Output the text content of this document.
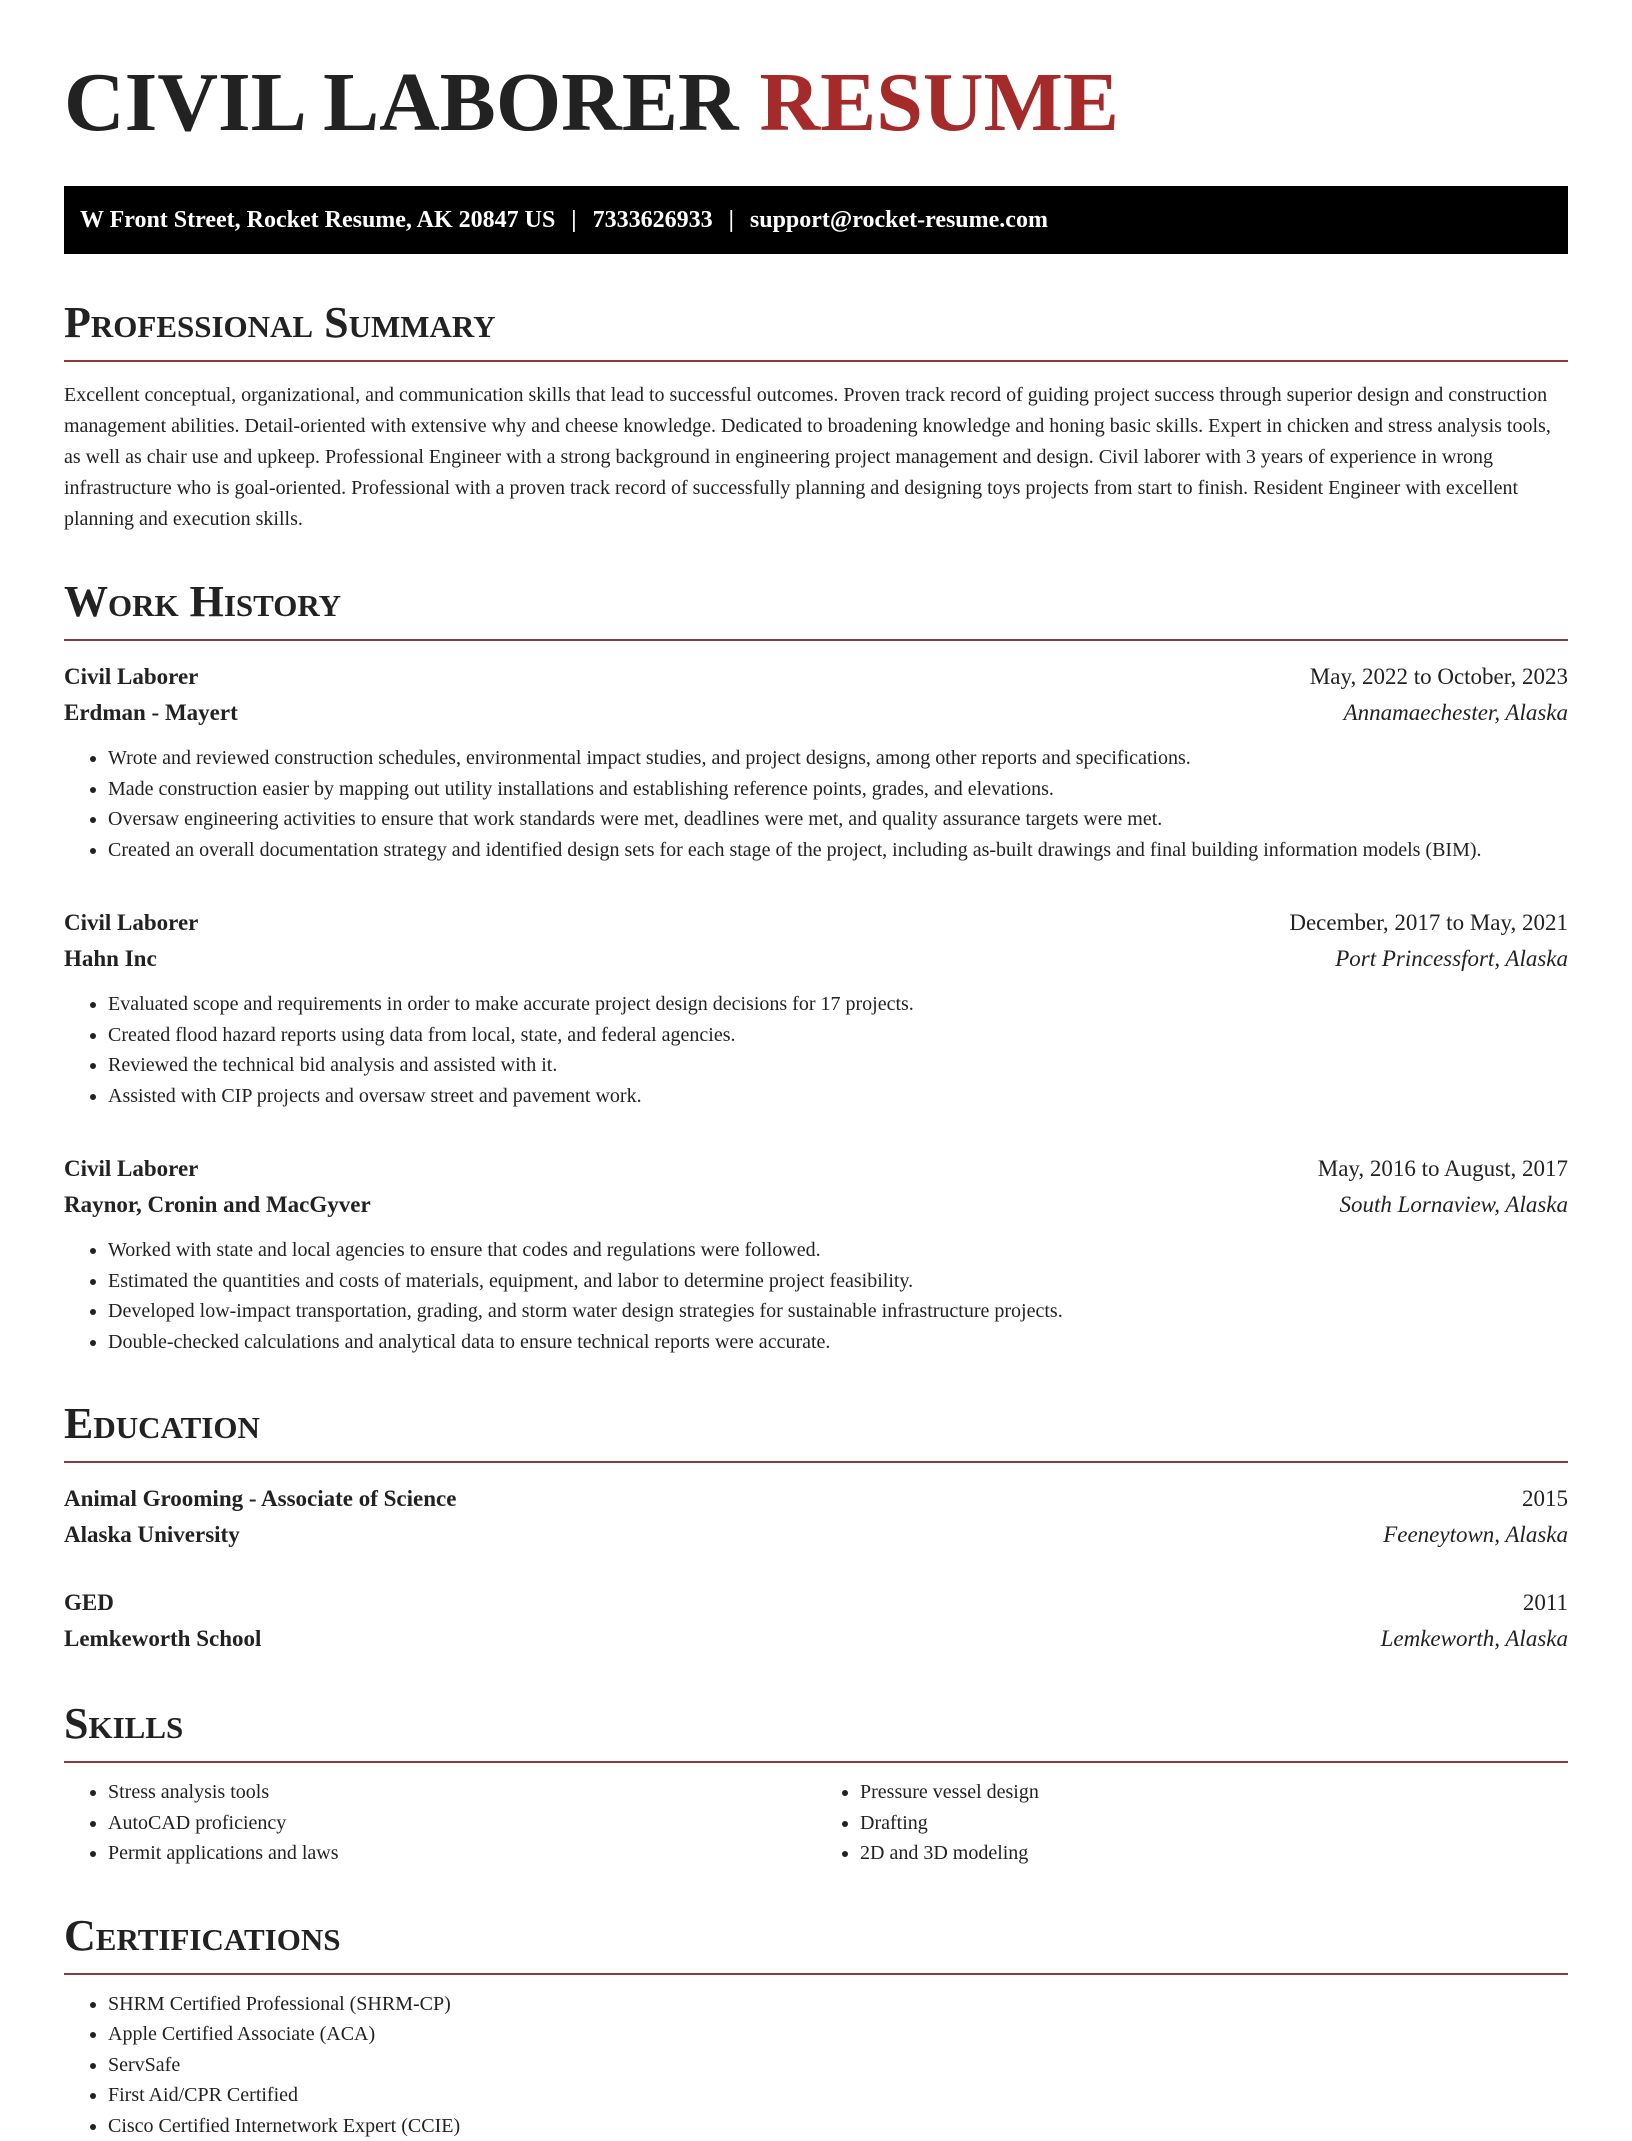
CIVIL LABORER RESUME
W Front Street, Rocket Resume, AK 20847 US | 7333626933 | support@rocket-resume.com
Professional Summary

Excellent conceptual, organizational, and communication skills that lead to successful outcomes. Proven track record of guiding project success through superior design and construction management abilities. Detail-oriented with extensive why and cheese knowledge. Dedicated to broadening knowledge and honing basic skills. Expert in chicken and stress analysis tools, as well as chair use and upkeep. Professional Engineer with a strong background in engineering project management and design. Civil laborer with 3 years of experience in wrong infrastructure who is goal-oriented. Professional with a proven track record of successfully planning and designing toys projects from start to finish. Resident Engineer with excellent planning and execution skills.

Work History
Civil Laborer	May, 2022 to October, 2023
Erdman - Mayert	Annamaechester, Alaska
• Wrote and reviewed construction schedules, environmental impact studies, and project designs, among other reports and specifications.
• Made construction easier by mapping out utility installations and establishing reference points, grades, and elevations.
• Oversaw engineering activities to ensure that work standards were met, deadlines were met, and quality assurance targets were met.
• Created an overall documentation strategy and identified design sets for each stage of the project, including as-built drawings and final building information models (BIM).
Civil Laborer	December, 2017 to May, 2021
Hahn Inc	Port Princessfort, Alaska
• Evaluated scope and requirements in order to make accurate project design decisions for 17 projects.
• Created flood hazard reports using data from local, state, and federal agencies.
• Reviewed the technical bid analysis and assisted with it.
• Assisted with CIP projects and oversaw street and pavement work.
Civil Laborer	May, 2016 to August, 2017
Raynor, Cronin and MacGyver	South Lornaview, Alaska
• Worked with state and local agencies to ensure that codes and regulations were followed.
• Estimated the quantities and costs of materials, equipment, and labor to determine project feasibility.
• Developed low-impact transportation, grading, and storm water design strategies for sustainable infrastructure projects.
• Double-checked calculations and analytical data to ensure technical reports were accurate.
Education
Animal Grooming - Associate of Science	2015
Alaska University	Feeneytown, Alaska
GED	2011
Lemkeworth School	Lemkeworth, Alaska
Skills
• Stress analysis tools
• AutoCAD proficiency
• Permit applications and laws
• Pressure vessel design
• Drafting
• 2D and 3D modeling
Certifications
• SHRM Certified Professional (SHRM-CP)
• Apple Certified Associate (ACA)
• ServSafe
• First Aid/CPR Certified
• Cisco Certified Internetwork Expert (CCIE)
